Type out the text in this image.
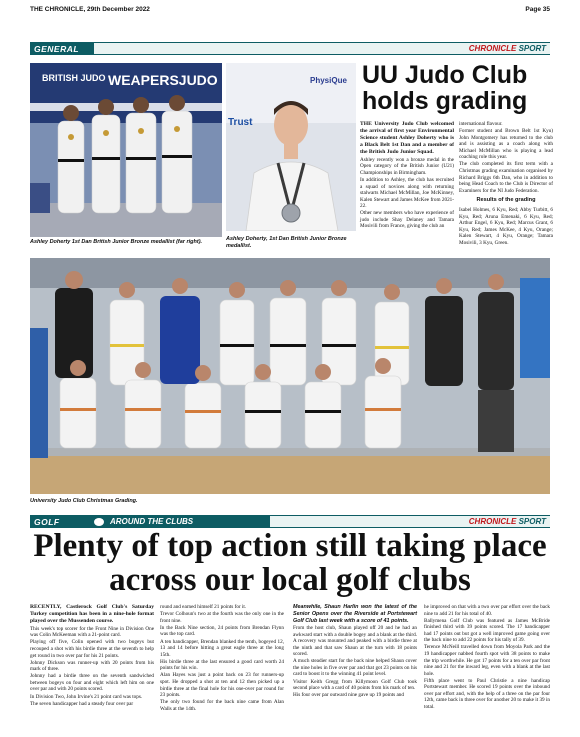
THE CHRONICLE, 29th December 2022	Page 35
GENERAL	CHRONICLE SPORT
BRITISH JUDO WEAPERSJUDO
Ashley Doherty 1st Dan British Junior Bronze medallist (far right).
PhysiQue
Trust
Ashley Doherty, 1st Dan British Junior Bronze medallist.
UU Judo Club holds grading

THE University Judo Club welcomed the arrival of first year Environmental Science student Ashley Doherty who is a Black Belt 1st Dan and a member of the British Judo Junior Squad.

Ashley recently won a bronze medal in the Open category of the British Junior (U21) Championships in Birmingham.

In addition to Ashley, the club has recruited a squad of novices along with returning stalwarts Michael McMillan, Joe McKinney, Kalen Stewart and James McKee from 2021-22.

Other new members who have experience of judo include Shay Delaney and Tamara Mosivili from France, giving the club an

international flavour.

Former student and Brown Belt 1st Kyu) John Montgomery has returned to the club and is assisting as a coach along with Michael McMillan who is playing a lead coaching role this year.

The club completed its first term with a Christmas grading examination organised by Richard Briggs 6th Dan, who in addition to being Head Coach to the Club is Director of Examiners for the NI Judo Federation.

Results of the grading

Isabel Holmes, 6 Kyu, Red; Abby Turbitt, 6 Kyu, Red; Aruna Emenaki, 6 Kyu, Red; Arthur Engel, 6 Kyu, Red; Marcus Grant, 6 Kyu, Red; James McKee, 4 Kyu, Orange; Kalen Stewart, 4 Kyu, Orange; Tamara Mosivili, 3 Kyu, Green.

University Judo Club Christmas Grading.
GOLF	AROUND THE CLUBS	CHRONICLE SPORT
Plenty of top action still taking place across our local golf clubs

RECENTLY, Castlerock Golf Club's Saturday Turkey competition has been in a nine-hole format played over the Mussenden course.

This week's top scorer for the Front Nine in Division One was Colin McKeeman with a 21-point card.

Playing off five, Colin opened with two bogeys but recouped a shot with his birdie three at the seventh to help get round in two over par for his 21 points.

Johnny Dickson was runner-up with 20 points from his mark of three.

Johnny had a birdie three on the seventh sandwiched between bogeys on four and eight which left him on one over par and with 20 points scored.

In Division Two, John Irvine's 21 point card was tops.

The seven handicapper had a steady four over par

round and earned himself 21 points for it.

Trevor Colhoun's two at the fourth was the only one in the front nine.

In the Back Nine section, 24 points from Brendan Flynn was the top card.

A ten handicapper, Brendan blanked the tenth, bogeyed 12, 13 and 14 before hitting a great eagle three at the long 15th.

His birdie three at the last ensured a good card worth 24 points for his win.

Alan Hayes was just a point back on 23 for runners-up spot. He dropped a shot at ten and 12 then picked up a birdie three at the final hole for his one-over par round for 23 points.

The only two found for the back nine came from Alan Walls at the 14th.

Meanwhile, Shaun Harlin won the latest of the Senior Opens over the Riverside at Portstewart Golf Club last week with a score of 41 points.

From the host club, Shaun played off 20 and he had an awkward start with a double bogey and a blank at the third. A recovery was mounted and peaked with a birdie three at the ninth and that saw Shaun at the turn with 18 points scored.

A much steadier start for the back nine helped Shaun cover the nine holes in five over par and that got 23 points on his card to boost it to the winning 41 point level.

Visitor Keith Gregg from Killymoon Golf Club took second place with a card of 40 points from his mark of ten.

His four over par outward nine gave up 19 points and

he improved on that with a two over par effort over the back nine to add 21 for his total of 40.

Ballymena Golf Club was featured as James McBride finished third with 39 points scored. The 17 handicapper had 17 points out but got a well improved game going over the back nine to add 22 points for his tally of 39.

Terence McNeill travelled down from Moyola Park and the 19 handicapper nabbed fourth spot with 38 points to make the trip worthwhile. He got 17 points for a ten over par front nine and 21 for the inward leg, even with a blank at the last hole.

Fifth place went to Paul Christie a nine handicap Portstewart member. He scored 19 points over the inbound over par effort and, with the help of a three on the par four 12th, came back in three over for another 20 to make it 39 in total.
